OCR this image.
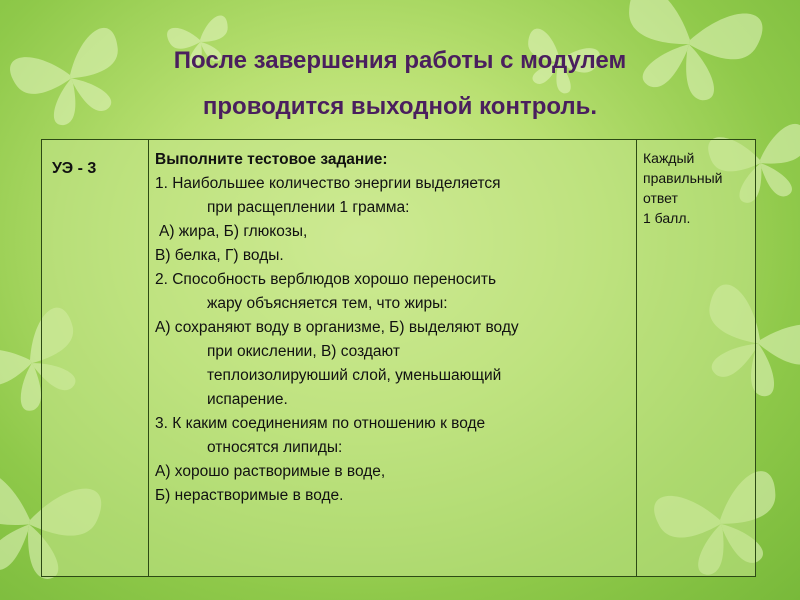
После завершения работы с модулем
проводится выходной контроль.
УЭ - 3

Выполните тестовое задание:

1. Наибольшее количество энергии выделяется

при расщеплении 1 грамма:

А) жира, Б) глюкозы,

В) белка, Г) воды.

2. Способность верблюдов хорошо переносить

жару объясняется тем, что жиры:

А) сохраняют воду в организме, Б) выделяют воду

при окислении, В) создают

теплоизолируюший слой, уменьшающий

испарение.

3. К каким соединениям по отношению к воде

относятся липиды:

А) хорошо растворимые в воде,

Б) нерастворимые в воде.

Каждый

правильный

ответ

1 балл.
